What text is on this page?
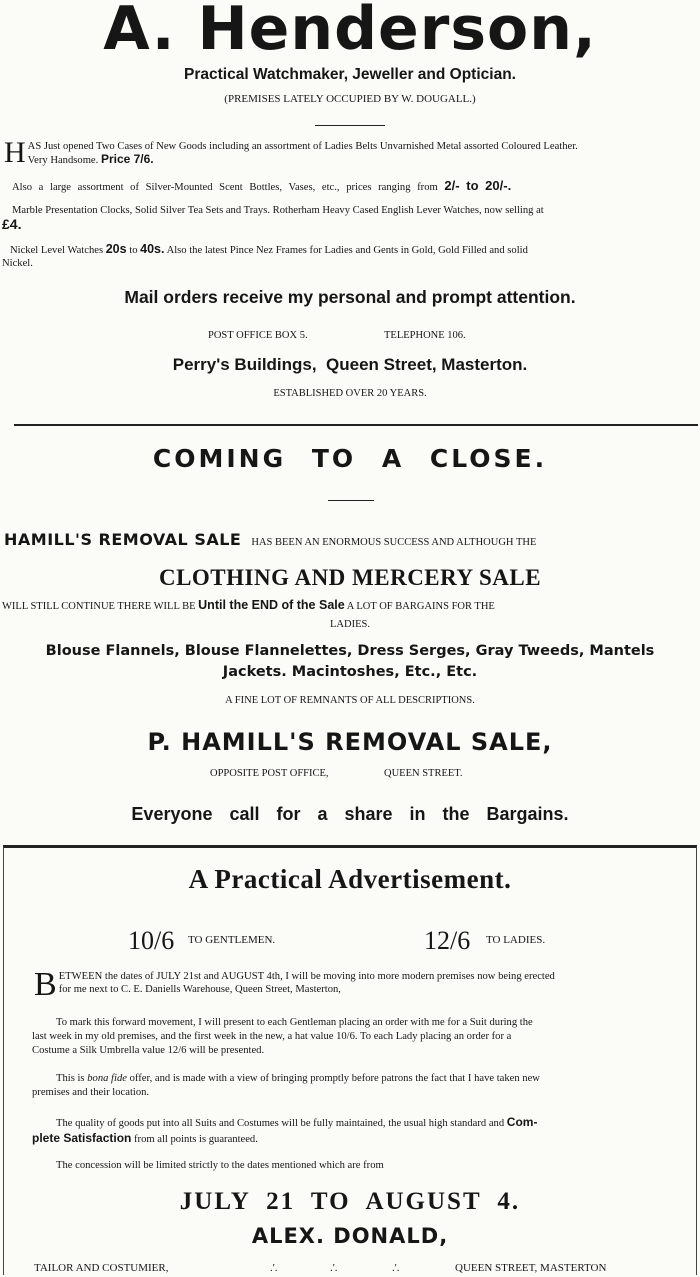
A. Henderson,
Practical Watchmaker, Jeweller and Optician.
(PREMISES LATELY OCCUPIED BY W. DOUGALL.)
H AS Just opened Two Cases of New Goods including an assortment of Ladies Belts Unvarnished Metal assorted Coloured Leather.
Very Handsome. Price 7/6.
Also a large assortment of Silver-Mounted Scent Bottles, Vases, etc., prices ranging from 2/- to 20/-.
Marble Presentation Clocks, Solid Silver Tea Sets and Trays. Rotherham Heavy Cased English Lever Watches, now selling at
£4.
Nickel Level Watches 20s to 40s. Also the latest Pince Nez Frames for Ladies and Gents in Gold, Gold Filled and solid
Nickel.
Mail orders receive my personal and prompt attention.
POST OFFICE BOX 5.	TELEPHONE 106.
Perry's Buildings,  Queen Street, Masterton.
ESTABLISHED OVER 20 YEARS.
COMING TO A CLOSE.
HAMILL'S REMOVAL SALE HAS BEEN AN ENORMOUS SUCCESS AND ALTHOUGH THE
CLOTHING AND MERCERY SALE
WILL STILL CONTINUE THERE WILL BE Until the END of the Sale A LOT OF BARGAINS FOR THE
LADIES.
Blouse Flannels, Blouse Flannelettes, Dress Serges, Gray Tweeds, Mantels
Jackets. Macintoshes, Etc., Etc.
A FINE LOT OF REMNANTS OF ALL DESCRIPTIONS.
P. HAMILL'S REMOVAL SALE,
OPPOSITE POST OFFICE,	QUEEN STREET.
Everyone call for a share in the Bargains.
A Practical Advertisement.
10/6 TO GENTLEMEN.	12/6 TO LADIES.
B ETWEEN the dates of JULY 21st and AUGUST 4th, I will be moving into more modern premises now being erected
for me next to C. E. Daniells Warehouse, Queen Street, Masterton,
To mark this forward movement, I will present to each Gentleman placing an order with me for a Suit during the
last week in my old premises, and the first week in the new, a hat value 10/6. To each Lady placing an order for a
Costume a Silk Umbrella value 12/6 will be presented.
This is bona fide offer, and is made with a view of bringing promptly before patrons the fact that I have taken new
premises and their location.
The quality of goods put into all Suits and Costumes will be fully maintained, the usual high standard and Com-
plete Satisfaction from all points is guaranteed.
The concession will be limited strictly to the dates mentioned which are from
JULY 21 TO AUGUST 4.
ALEX. DONALD,
TAILOR AND COSTUMIER,	.'.	.'.	.'.	QUEEN STREET, MASTERTON
